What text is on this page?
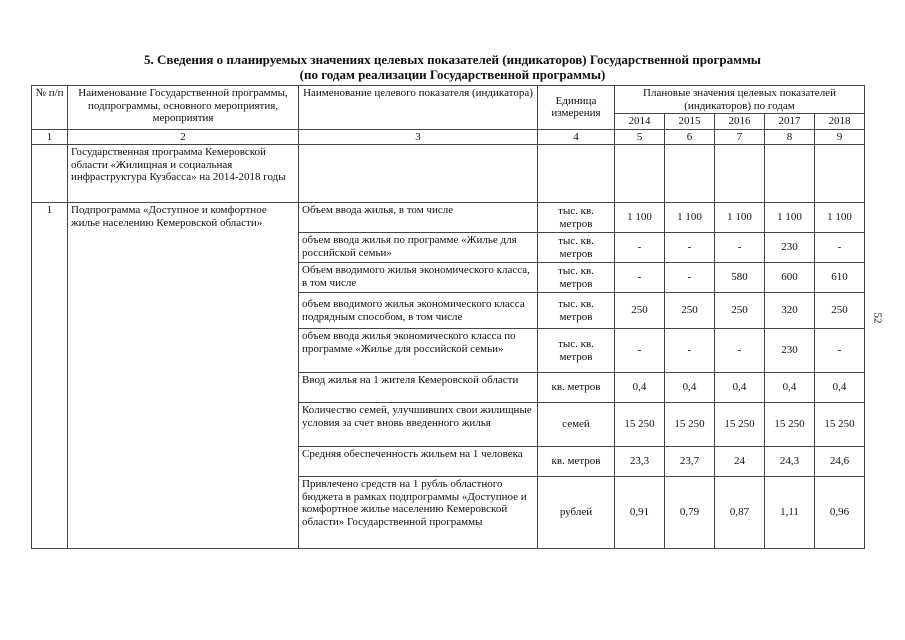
5. Сведения о планируемых значениях целевых показателей (индикаторов) Государственной программы
(по годам реализации Государственной программы)
№ п/п	Наименование Государственной программы, подпрограммы, основного мероприятия, мероприятия	Наименование целевого показателя (индикатора)	Единица измерения	Плановые значения целевых показателей (индикаторов) по годам				
				2014	2015	2016	2017	2018
1	2	3	4	5	6	7	8	9
	Государственная программа Кемеровской области «Жилищная и социальная инфраструктура Кузбасса» на 2014-2018 годы							
1	Подпрограмма «Доступное и комфортное жилье населению Кемеровской области»	Объем ввода жилья, в том числе	тыс. кв. метров	1 100	1 100	1 100	1 100	1 100
		объем ввода жилья по программе «Жилье для российской семьи»	тыс. кв. метров	-	-	-	230	-
		Объем вводимого жилья экономического класса, в том числе	тыс. кв. метров	-	-	580	600	610
		объем вводимого жилья экономического класса подрядным способом, в том числе	тыс. кв. метров	250	250	250	320	250
		объем ввода жилья экономического класса по программе «Жилье для российской семьи»	тыс. кв. метров	-	-	-	230	-
		Ввод жилья на 1 жителя Кемеровской области	кв. метров	0,4	0,4	0,4	0,4	0,4
		Количество семей, улучшивших свои жилищные условия за счет вновь введенного жилья	семей	15 250	15 250	15 250	15 250	15 250
		Средняя обеспеченность жильем на 1 человека	кв. метров	23,3	23,7	24	24,3	24,6
		Привлечено средств на 1 рубль областного бюджета в рамках подпрограммы «Доступное и комфортное жилье населению Кемеровской области» Государственной программы	рублей	0,91	0,79	0,87	1,11	0,96
52
